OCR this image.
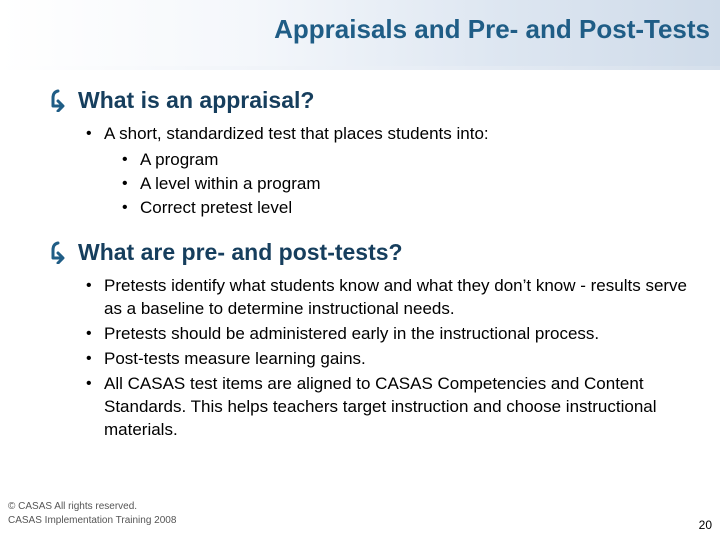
Appraisals and Pre- and Post-Tests
What is an appraisal?
• A short, standardized test that places students into:
• A program
• A level within a program
• Correct pretest level
What are pre- and post-tests?
• Pretests identify what students know and what they don’t know - results serve as a baseline to determine instructional needs.
• Pretests should be administered early in the instructional process.
• Post-tests measure learning gains.
• All CASAS test items are aligned to CASAS Competencies and Content Standards. This helps teachers target instruction and choose instructional materials.
© CASAS All rights reserved.
CASAS Implementation Training 2008	20
